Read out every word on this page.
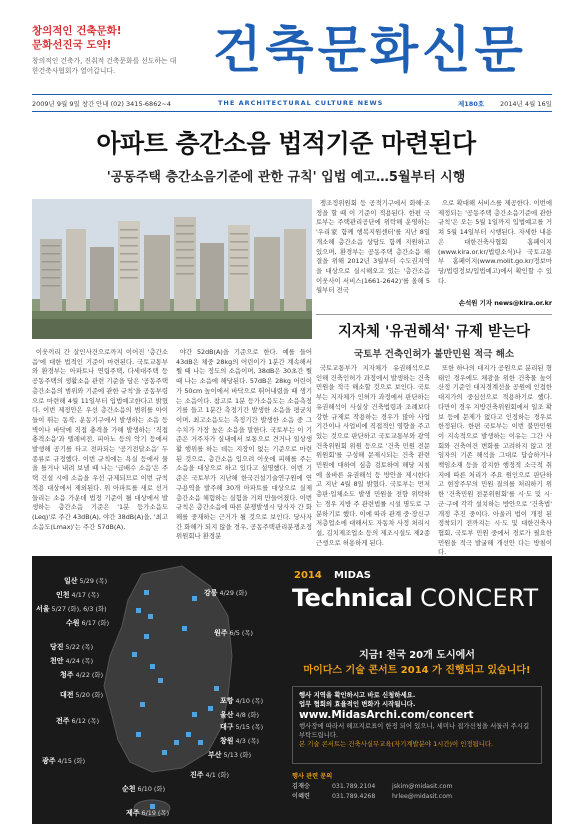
창의적인 건축문화!
문화선진국 도약!
창의적인 건축가, 진취적 건축문화를 선도하는 대한건축사협회가 열어갑니다.	건축문화신문
2009년 9월 9일 창간 안내 (02) 3415-6862~4	THE ARCHITECTURAL CULTURE NEWS	제180호 2014년 4월 16일
아파트 층간소음 법적기준 마련된다
'공동주택 층간소음기준에 관한 규칙' 입법 예고…5월부터 시행

이웃끼리 간 살인사건으로까지 이어진 '층간소음'에 대한 법적인 기준이 마련된다. 국토교통부와 환경부는 아파트나 연립주택, 다세대주택 등 공동주택의 생활소음 관련 기준을 담은 '공동주택 층간소음의 범위와 기준에 관한 규칙'을 공동부령으로 마련해 4월 11일부터 입법예고한다고 밝혔다. 이번 제정안은 우선 층간소음의 범위를 아이들이 뛰는 동작, 운동기구에서 발생하는 소음 등 벽이나 바닥에 직접 충격을 가해 발생하는 '직접충격소음'과 텔레비전, 피아노 등의 악기 등에서 발생해 공기를 타고 전파되는 '공기전달소음' 두 종류로 규정했다. 이번 규칙에는 욕실 등에서 물을 틀거나 내려 보낼 때 나는 '급배수 소음'은 주택 건설 시에 소음을 우선 규제되므로 이번 규칙 적용 대상에서 제외된다. 위 아파트를 새로 선거 들리는 소음 가운데 법정 기준이 될 대상에서 발생하는 층간소음 기준은 '1분 등가소음도(Leq)'로 주간 43dB(A), 야간 38dB(A)을, '최고소음도(Lmax)'는 주간 57dB(A),

야간 52dB(A)을 기준으로 한다. 예를 들어 43dB은 체중 28kg의 어린이가 1분간 계속해서 뛸 때 나는 정도의 소음이며, 38dB은 30초간 뛸 때 나는 소음에 해당된다. 57dB은 28kg 어린이가 50cm 높이에서 바닥으로 뛰어내렸을 때 생기는 소음이다. 참고로 1분 등가소음도는 소음측정기를 들고 1분간 측정기간 발생한 소음을 평균치이며, 최고소음도는 측정기간 발생한 소음 중 그 수치가 가장 높은 소음을 말한다. 국토부는 이 기준은 거주자가 실내에서 보통으로 견거나 일상생활 행위를 하는 데는 지장이 없는 기준으로 마련된 것으로, 층간소음 입으려 이웃에 피해를 주는 소음을 대상으로 하고 있다고 설명했다. 이번 기준은 국토부가 지난해 한국건설기술연구원에 연구용역을 발주해 30개 아파트를 대상으로 실제 층간소음 체험하는 실험을 거쳐 만들어졌다. 이번 규칙은 층간소음에 따른 분쟁발생시 당사자 간 화해를 중재하는 근거가 될 것으로 보인다. 당사자간 화해가 되지 않을 경우, 공동주택관리분쟁조정위원회나 환경분

쟁조정위원회 등 공적기구에서 화해·조정을 할 때 이 기준이 적용된다. 한편 국토부는 주택관리공단에 위탁해 운영하는 '우리家 함께 행복지원센터'를 지난 8일 개소해 층간소음 상담도 함께 지원하고 있으며, 환경부는 공동주택 층간소음 해결을 위해 2012년 3월부터 수도권지역을 대상으로 실시해오고 있는 '층간소음 이웃사이 서비스(1661-2642)'를 올해 5월부터 전국

으로 확대해 서비스를 제공한다. 이번에 제정되는 '공동주택 층간소음기준에 관한 규칙'은 오는 5월 1일까지 입법예고를 거쳐 5월 14일부터 시행된다. 자세한 내용은 대한건축사협회 홈페이지(www.kira.or.kr/법령소식)나 국토교통부 홈페이지(www.molit.go.kr/정보마당/법령정보/입법예고)에서 확인할 수 있다.

손석원 기자 news@kira.or.kr
지자체 '유권해석' 규제 받는다
국토부 건축인허가 불만민원 적극 해소

국토교통부가 지자체가 유권해석으로 인해 건축인허가 과정에서 발생하는 건축 민원을 적극 해소할 것으로 보인다. 국토부는 지자체가 인허가 과정에서 판단하는 유권해석이 사실상 건축법령과 조례보다 강한 규제로 작용하는 경우가 많아 사업기간이나 사업비에 직접적인 영향을 주고 있는 것으로 판단하고 국토교통부와 광역건축위원회 위원 등으로 '건축 민원 전문위원회'를 구성해 문제시되는 건축 관련 민원에 대하여 심층 검토하여 해당 지침에 올바른 유권해석 등 방안을 제시한다고 지난 4월 8일 밝혔다. 국토부는 먼저 층판·입체소도 발생 민원을 전향 위탁하는 경우 지방 주 관련법률 시설 명도로 구분하기로 했다. 이에 따라 관계 중·장신구 저층업소에 대해서도 자동차 사정 처리시설, 김치제조업소 등의 제조시설도 제2종 근생으로 허용하게 된다.

또한 하나의 대지가 공원으로 분리된 형태인 경우에도 채광을 위한 건축물 높이 산정 기준인 대지경계선을 공원에 인접한 대지가의 중심선으로 적용하기로 했다. 다만이 경우 지방건축위원회에서 일조 확보 등에 문제가 없다고 인정하는 경우로 한정된다. 한편 국토부는 이번 불만민원이 지속적으로 발생하는 이유는 그간 사회와 건축여건 변화를 고려하지 않고 전임자의 기존 해석을 그대로 답습하거나 책임소재 등을 감지한 행정적 소극적 취지에 따른 처리가 주요 원인으로 판단하고 현장주무의 민원 질의를 처리하기 위한 '건축민원 전문위원회'를 시·도 및 시·군·구에 각각 설치하는 방안으로 '건축법' 개정 추진 중이다. 아울러 법이 개정 된 정착되기 전까지는 시·도 및 대한건축사협회, 국토부 민원 중에서 경로가 필요한 민원을 적극 발굴해 개선안 다는 방침이다.

일산 5/29 (목)
인천 4/17 (목)
서울 5/27 (화), 6/3 (화)
수원 6/17 (화)
당진 5/22 (목)
천안 4/24 (목)
청주 4/22 (화)
대전 5/20 (화)
전주 6/12 (목)
광주 4/15 (화)
순천 6/10 (화)
제주 6/19 (목)
강릉 4/29 (화)
원주 6/5 (목)
포항 4/10 (목)
울산 4/8 (화)
대구 5/15 (목)
창원 4/3 (목)
부산 5/13 (화)
진주 4/1 (화)
2014 MIDAS
Technical CONCERT
지금! 전국 20개 도시에서
마이다스 기술 콘서트 2014 가 진행되고 있습니다!
행사 지역을 확인하시고 바로 신청하세요.
업무 협회의 효율적인 변화가 시작됩니다.
www.MidasArchi.com/concert
행사장에 따라서 해프지로표이 한정 되어 있으니, 세미나 접가신청을 서둘러 주시길 부탁드립니다.
본 기술 콘서트는 건축사실무교육(자기계발분야 1시간)이 인정됩니다.
행사 관련 문의
김재승	031.789.2104	jskim@midasit.com
이혜련	031.789.4268	hrlee@midasit.com
